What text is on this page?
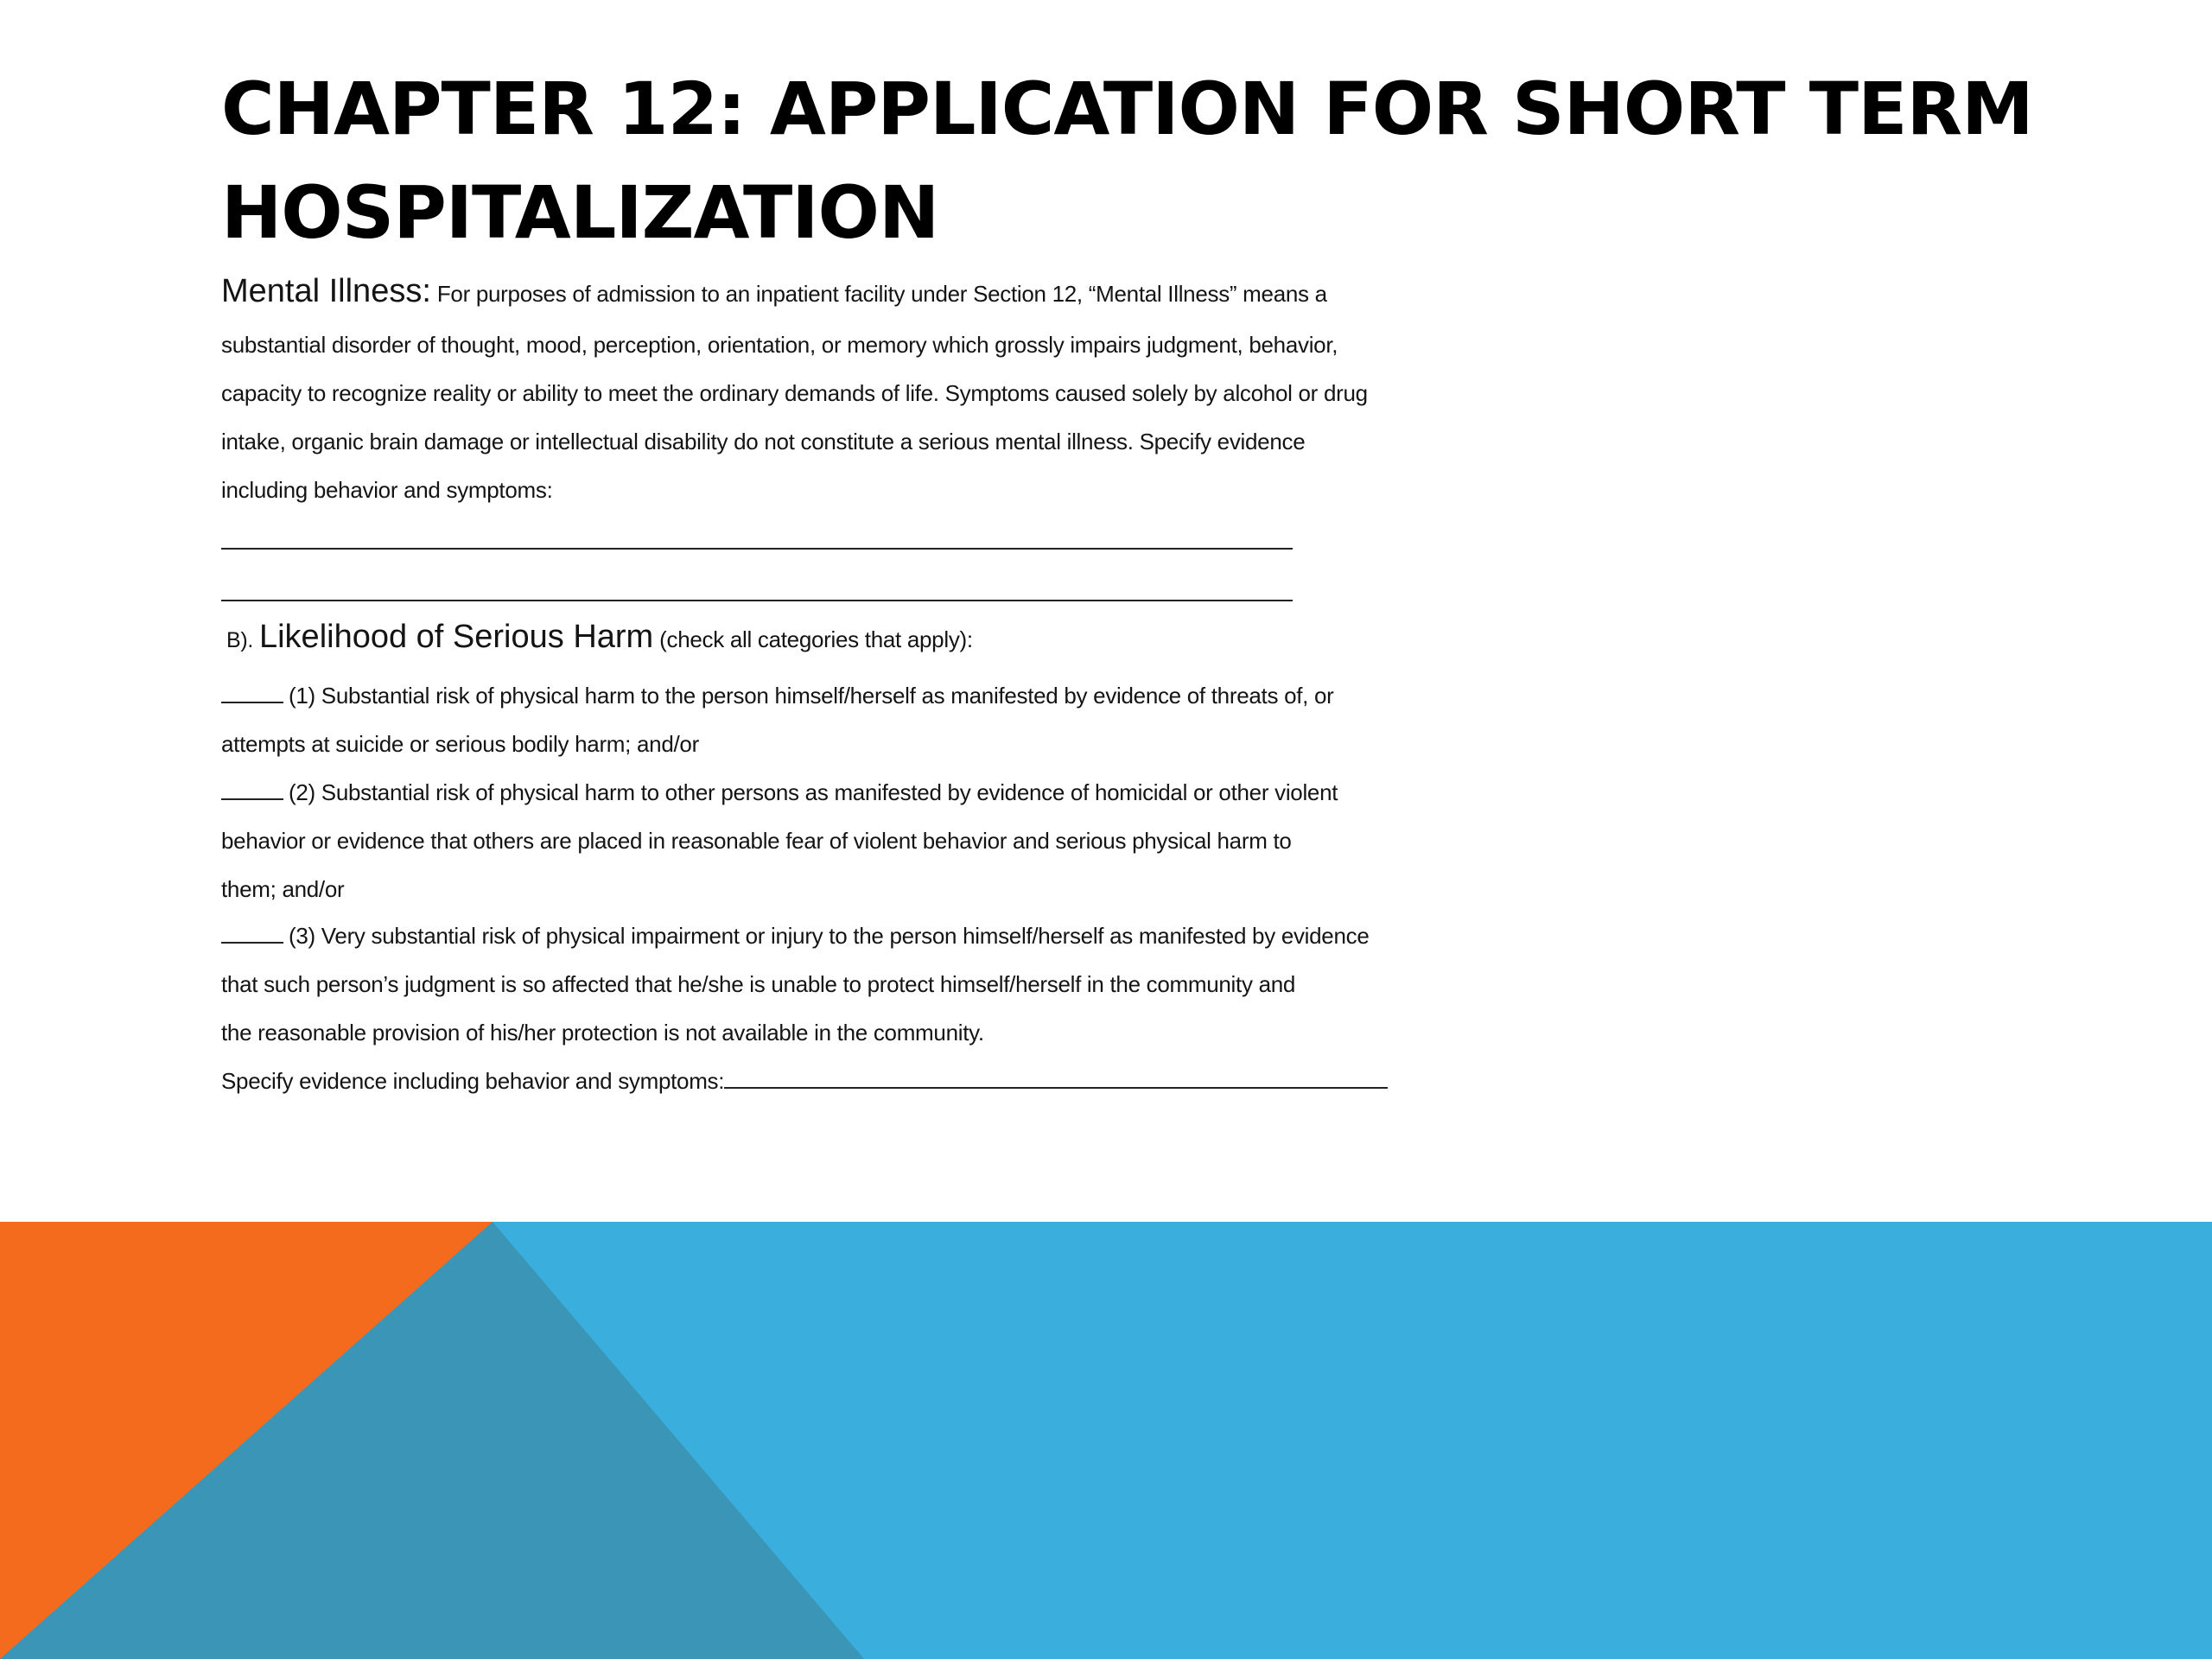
CHAPTER 12: APPLICATION FOR SHORT TERM HOSPITALIZATION
Mental Illness: For purposes of admission to an inpatient facility under Section 12, “Mental Illness” means a
substantial disorder of thought, mood, perception, orientation, or memory which grossly impairs judgment, behavior,
capacity to recognize reality or ability to meet the ordinary demands of life. Symptoms caused solely by alcohol or drug
intake, organic brain damage or intellectual disability do not constitute a serious mental illness. Specify evidence
including behavior and symptoms:
B). Likelihood of Serious Harm (check all categories that apply):
(1) Substantial risk of physical harm to the person himself/herself as manifested by evidence of threats of, or
attempts at suicide or serious bodily harm; and/or
(2) Substantial risk of physical harm to other persons as manifested by evidence of homicidal or other violent
behavior or evidence that others are placed in reasonable fear of violent behavior and serious physical harm to
them; and/or
(3) Very substantial risk of physical impairment or injury to the person himself/herself as manifested by evidence
that such person’s judgment is so affected that he/she is unable to protect himself/herself in the community and
the reasonable provision of his/her protection is not available in the community.
Specify evidence including behavior and symptoms:
